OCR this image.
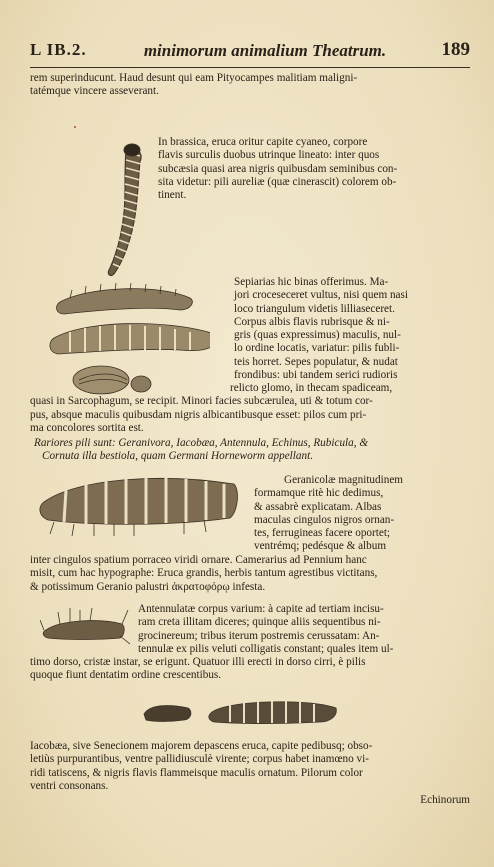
L IB.2.	minimorum animalium Theatrum.	189

rem superinducunt. Haud desunt qui eam Pityocampes malitiam maligni-

tatémque vincere asseverant.

In brassica, eruca oritur capite cyaneo, corpore

flavis surculis duobus utrinque lineato: inter quos

subcæsia quasi area nigris quibusdam seminibus con-

sita videtur: pili aureliæ (quæ cinerascit) colorem ob-

tinent.

Sepiarias hic binas offerimus. Ma-

jori croceseceret vultus, nisi quem nasi

loco triangulum videtis lilliaseceret.

Corpus albis flavis rubrisque & ni-

gris (quas expressimus) maculis, nul-

lo ordine locatis, variatur: pilis fubli-

teis horret. Sepes populatur, & nudat

frondibus: ubi tandem serici rudioris

relicto glomo, in thecam spadiceam,

quasi in Sarcophagum, se recipit. Minori facies subcærulea, uti & totum cor-

pus, absque maculis quibusdam nigris albicantibusque esset: pilos cum pri-

ma concolores sortita est.

Rariores pili sunt: Geranivora, Iacobæa, Antennula, Echinus, Rubicula, &

Cornuta illa bestiola, quam Germani Horneworm appellant.

Geranicolæ magnitudinem

formamque ritè hic dedimus,

& assabrè explicatam. Albas

maculas cingulos nigros ornan-

tes, ferrugineas facere oportet;

ventrémq; pedésque & album

inter cingulos spatium porraceo viridi ornare. Camerarius ad Pennium hanc

misit, cum hac hypographe: Eruca grandis, herbis tantum agrestibus victitans,

& potissimum Geranio palustri ἀκρατοφόρῳ infesta.

Antennulatæ corpus varium: à capite ad tertiam incisu-

ram creta illitam diceres; quinque aliis sequentibus ni-

grocinereum; tribus iterum postremis cerussatam: An-

tennulæ ex pilis veluti colligatis constant; quales item ul-

timo dorso, cristæ instar, se erigunt. Quatuor illi erecti in dorso cirri, è pilis

quoque fiunt dentatim ordine crescentibus.

Iacobæa, sive Senecionem majorem depascens eruca, capite pedibusq; obso-

letiùs purpurantibus, ventre pallidiusculè virente; corpus habet inamœno vi-

ridi tatiscens, & nigris flavis flammeisque maculis ornatum. Pilorum color

ventri consonans.

Echinorum
